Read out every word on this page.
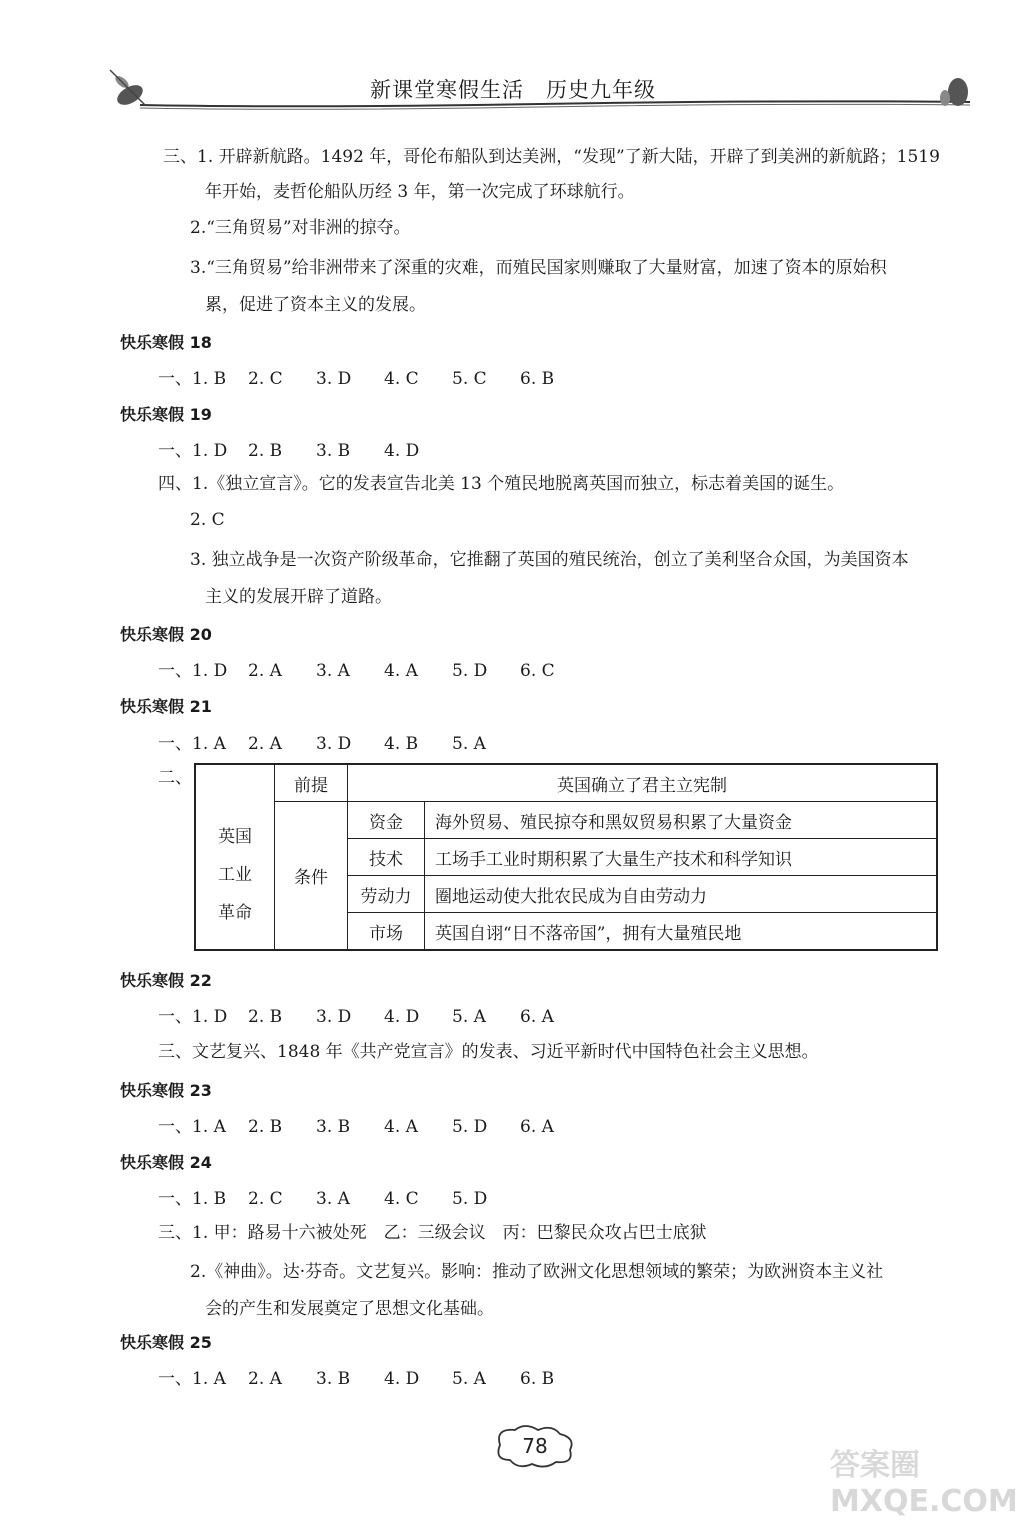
新课堂寒假生活　历史九年级
三、1. 开辟新航路。1492 年，哥伦布船队到达美洲，“发现”了新大陆，开辟了到美洲的新航路；1519
年开始，麦哲伦船队历经 3 年，第一次完成了环球航行。
2.“三角贸易”对非洲的掠夺。
3.“三角贸易”给非洲带来了深重的灾难，而殖民国家则赚取了大量财富，加速了资本的原始积
累，促进了资本主义的发展。
快乐寒假 18
一、1. B 2. C 3. D 4. C 5. C 6. B
快乐寒假 19
一、1. D 2. B 3. B 4. D
四、1.《独立宣言》。它的发表宣告北美 13 个殖民地脱离英国而独立，标志着美国的诞生。
2. C
3. 独立战争是一次资产阶级革命，它推翻了英国的殖民统治，创立了美利坚合众国，为美国资本
主义的发展开辟了道路。
快乐寒假 20
一、1. D 2. A 3. A 4. A 5. D 6. C
快乐寒假 21
一、1. A 2. A 3. D 4. B 5. A
二、
英国
工业
革命	前提	英国确立了君主立宪制	
	条件	资金	海外贸易、殖民掠夺和黑奴贸易积累了大量资金
		技术	工场手工业时期积累了大量生产技术和科学知识
		劳动力	圈地运动使大批农民成为自由劳动力
		市场	英国自诩“日不落帝国”，拥有大量殖民地
快乐寒假 22
一、1. D 2. B 3. D 4. D 5. A 6. A
三、文艺复兴、1848 年《共产党宣言》的发表、习近平新时代中国特色社会主义思想。
快乐寒假 23
一、1. A 2. B 3. B 4. A 5. D 6. A
快乐寒假 24
一、1. B 2. C 3. A 4. C 5. D
三、1. 甲：路易十六被处死　乙：三级会议　丙：巴黎民众攻占巴士底狱
2.《神曲》。达·芬奇。文艺复兴。影响：推动了欧洲文化思想领域的繁荣；为欧洲资本主义社
会的产生和发展奠定了思想文化基础。
快乐寒假 25
一、1. A 2. A 3. B 4. D 5. A 6. B
78
答案圈 MXQE.COM
